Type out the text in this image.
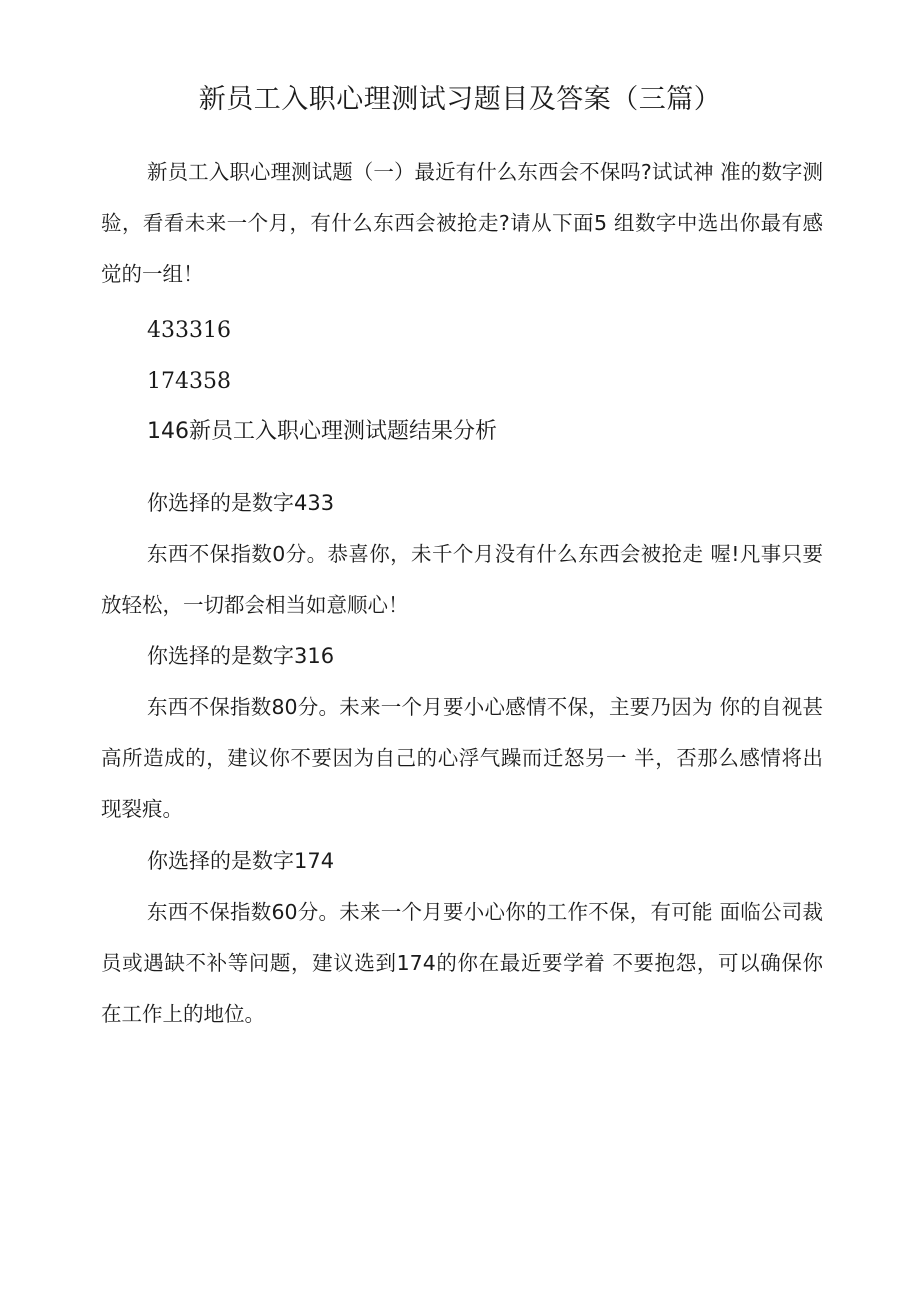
新员工入职心理测试习题目及答案（三篇）

新员工入职心理测试题（一）最近有什么东西会不保吗?试试神 准的数字测验，看看未来一个月，有什么东西会被抢走?请从下面5 组数字中选出你最有感觉的一组！

433316

174358

146新员工入职心理测试题结果分析

你选择的是数字433

东西不保指数0分。恭喜你，未千个月没有什么东西会被抢走 喔!凡事只要放轻松，一切都会相当如意顺心！

你选择的是数字316

东西不保指数80分。未来一个月要小心感情不保，主要乃因为 你的自视甚高所造成的，建议你不要因为自己的心浮气躁而迁怒另一 半，否那么感情将出现裂痕。

你选择的是数字174

东西不保指数60分。未来一个月要小心你的工作不保，有可能 面临公司裁员或遇缺不补等问题，建议选到174的你在最近要学着 不要抱怨，可以确保你在工作上的地位。
